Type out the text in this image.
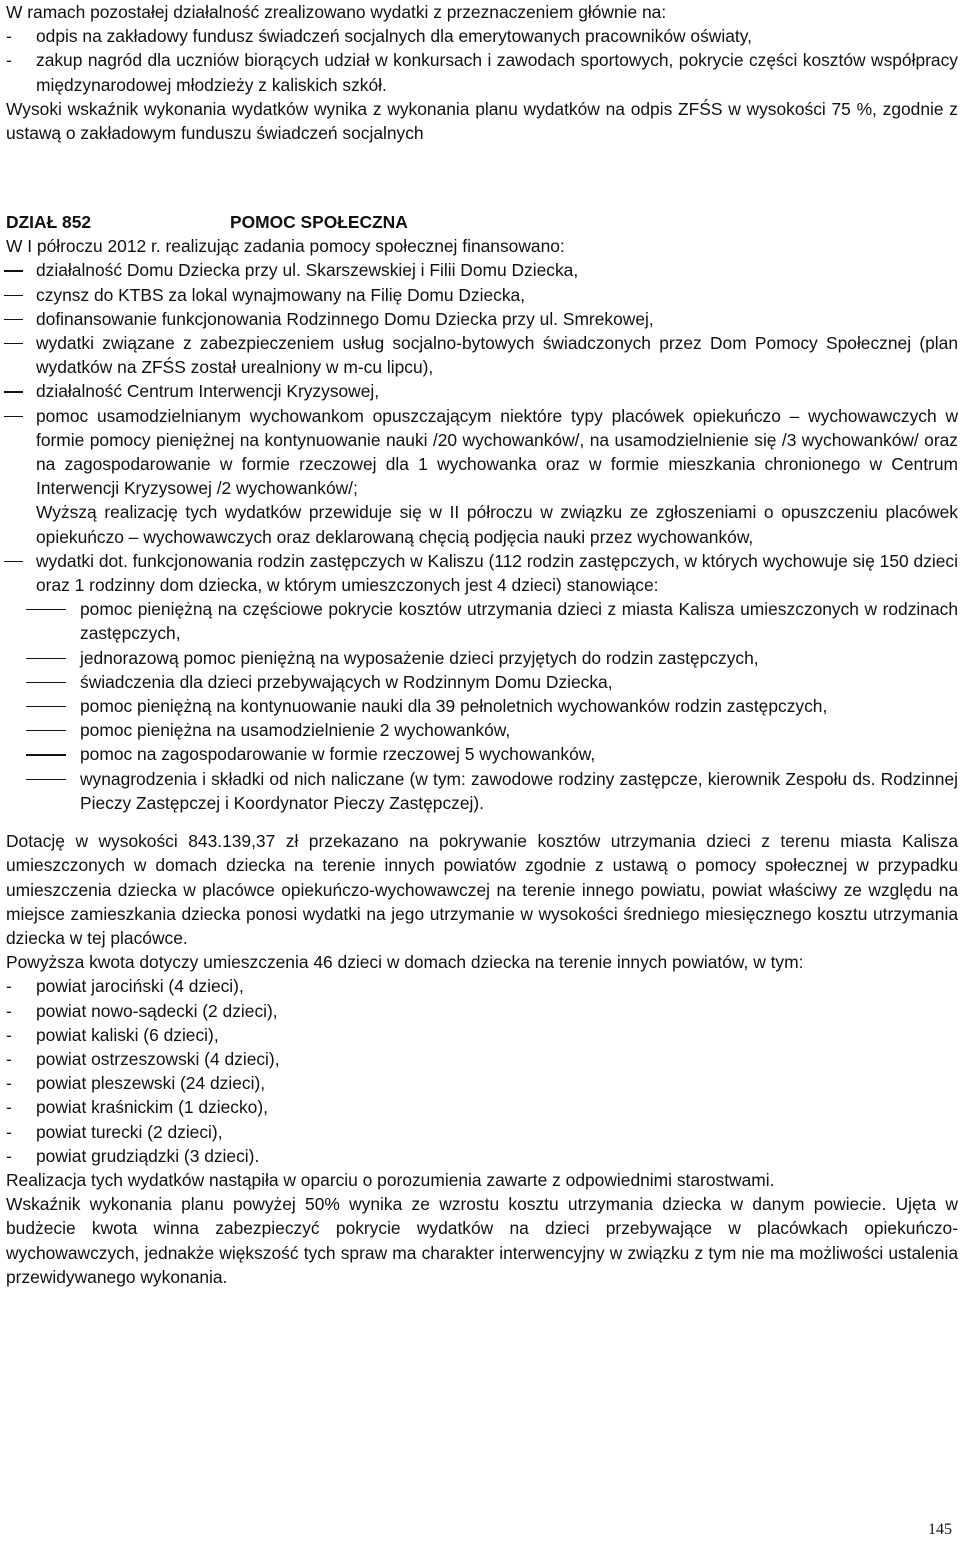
W ramach pozostałej działalność zrealizowano wydatki z przeznaczeniem głównie na:

- odpis na zakładowy fundusz świadczeń socjalnych dla emerytowanych pracowników oświaty,

- zakup nagród dla uczniów biorących udział w konkursach i zawodach sportowych, pokrycie części kosztów współpracy międzynarodowej młodzieży z kaliskich szkół.

Wysoki wskaźnik wykonania wydatków wynika z wykonania planu wydatków na odpis ZFŚS w wysokości 75 %, zgodnie z ustawą o zakładowym funduszu świadczeń socjalnych

DZIAŁ 852	POMOC SPOŁECZNA

W I półroczu 2012 r. realizując zadania pomocy społecznej finansowano:

działalność Domu Dziecka przy ul. Skarszewskiej i Filii Domu Dziecka,

czynsz do KTBS za lokal wynajmowany na Filię Domu Dziecka,

dofinansowanie funkcjonowania Rodzinnego Domu Dziecka przy ul. Smrekowej,

wydatki związane z zabezpieczeniem usług socjalno-bytowych świadczonych przez Dom Pomocy Społecznej (plan wydatków na ZFŚS został urealniony w m-cu lipcu),

działalność Centrum Interwencji Kryzysowej,

pomoc usamodzielnianym wychowankom opuszczającym niektóre typy placówek opiekuńczo – wychowawczych w formie pomocy pieniężnej na kontynuowanie nauki /20 wychowanków/, na usamodzielnienie się /3 wychowanków/ oraz na zagospodarowanie w formie rzeczowej dla 1 wychowanka oraz w formie mieszkania chronionego w Centrum Interwencji Kryzysowej /2 wychowanków/;

Wyższą realizację tych wydatków przewiduje się w II półroczu w związku ze zgłoszeniami o opuszczeniu placówek opiekuńczo – wychowawczych oraz deklarowaną chęcią podjęcia nauki przez wychowanków,

wydatki dot. funkcjonowania rodzin zastępczych w Kaliszu (112 rodzin zastępczych, w których wychowuje się 150 dzieci oraz 1 rodzinny dom dziecka, w którym umieszczonych jest 4 dzieci) stanowiące:

pomoc pieniężną na częściowe pokrycie kosztów utrzymania dzieci z miasta Kalisza umieszczonych w rodzinach zastępczych,

jednorazową pomoc pieniężną na wyposażenie dzieci przyjętych do rodzin zastępczych,

świadczenia dla dzieci przebywających w Rodzinnym Domu Dziecka,

pomoc pieniężną na kontynuowanie nauki dla 39 pełnoletnich wychowanków rodzin zastępczych,

pomoc pieniężna na usamodzielnienie 2 wychowanków,

pomoc na zagospodarowanie w formie rzeczowej 5 wychowanków,

wynagrodzenia i składki od nich naliczane (w tym: zawodowe rodziny zastępcze, kierownik Zespołu ds. Rodzinnej Pieczy Zastępczej i Koordynator Pieczy Zastępczej).

Dotację w wysokości 843.139,37 zł przekazano na pokrywanie kosztów utrzymania dzieci z terenu miasta Kalisza umieszczonych w domach dziecka na terenie innych powiatów zgodnie z ustawą o pomocy społecznej w przypadku umieszczenia dziecka w placówce opiekuńczo-wychowawczej na terenie innego powiatu, powiat właściwy ze względu na miejsce zamieszkania dziecka ponosi wydatki na jego utrzymanie w wysokości średniego miesięcznego kosztu utrzymania dziecka w tej placówce.

Powyższa kwota dotyczy umieszczenia 46 dzieci w domach dziecka na terenie innych powiatów, w tym:

- powiat jarociński (4 dzieci),

- powiat nowo-sądecki (2 dzieci),

- powiat kaliski (6 dzieci),

- powiat ostrzeszowski (4 dzieci),

- powiat pleszewski (24 dzieci),

- powiat kraśnickim (1 dziecko),

- powiat turecki (2 dzieci),

- powiat grudziądzki (3 dzieci).

Realizacja tych wydatków nastąpiła w oparciu o porozumienia zawarte z odpowiednimi starostwami.

Wskaźnik wykonania planu powyżej 50% wynika ze wzrostu kosztu utrzymania dziecka w danym powiecie. Ujęta w budżecie kwota winna zabezpieczyć pokrycie wydatków na dzieci przebywające w placówkach opiekuńczo-wychowawczych, jednakże większość tych spraw ma charakter interwencyjny w związku z tym nie ma możliwości ustalenia przewidywanego wykonania.

145
